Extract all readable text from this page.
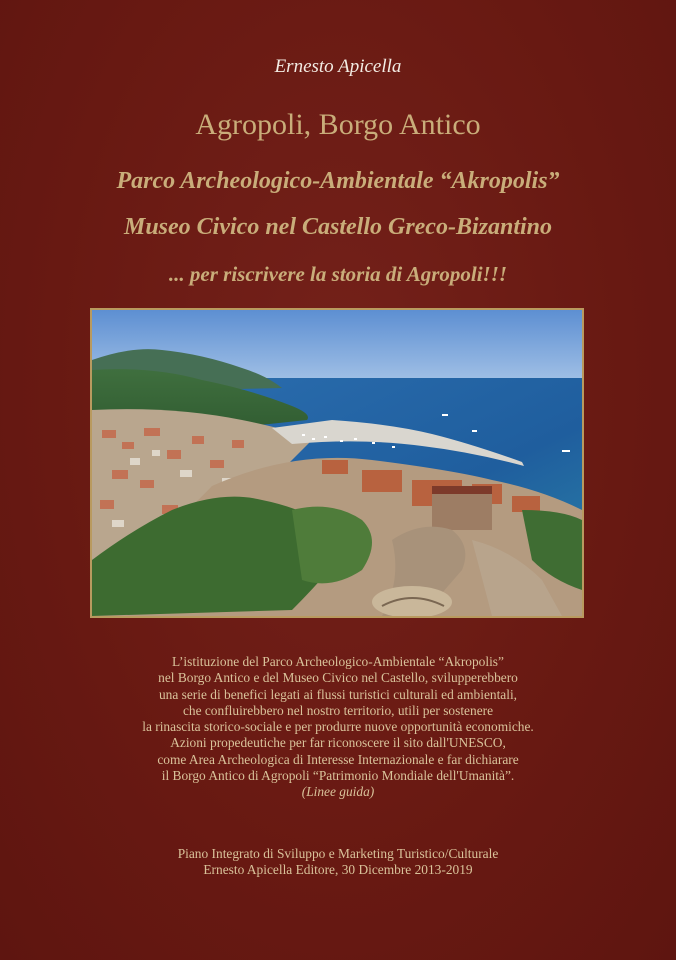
Ernesto Apicella
Agropoli, Borgo Antico
Parco Archeologico-Ambientale “Akropolis”
Museo Civico nel Castello Greco-Bizantino
... per riscrivere la storia di Agropoli!!!
L’istituzione del Parco Archeologico-Ambientale “Akropolis”
nel Borgo Antico e del Museo Civico nel Castello, svilupperebbero
una serie di benefici legati ai flussi turistici culturali ed ambientali,
che confluirebbero nel nostro territorio, utili per sostenere
la rinascita storico-sociale e per produrre nuove opportunità economiche.
Azioni propedeutiche per far riconoscere il sito dall'UNESCO,
come Area Archeologica di Interesse Internazionale e far dichiarare
il Borgo Antico di Agropoli “Patrimonio Mondiale dell'Umanità”.
(Linee guida)
Piano Integrato di Sviluppo e Marketing Turistico/Culturale
Ernesto Apicella Editore, 30 Dicembre 2013-2019
